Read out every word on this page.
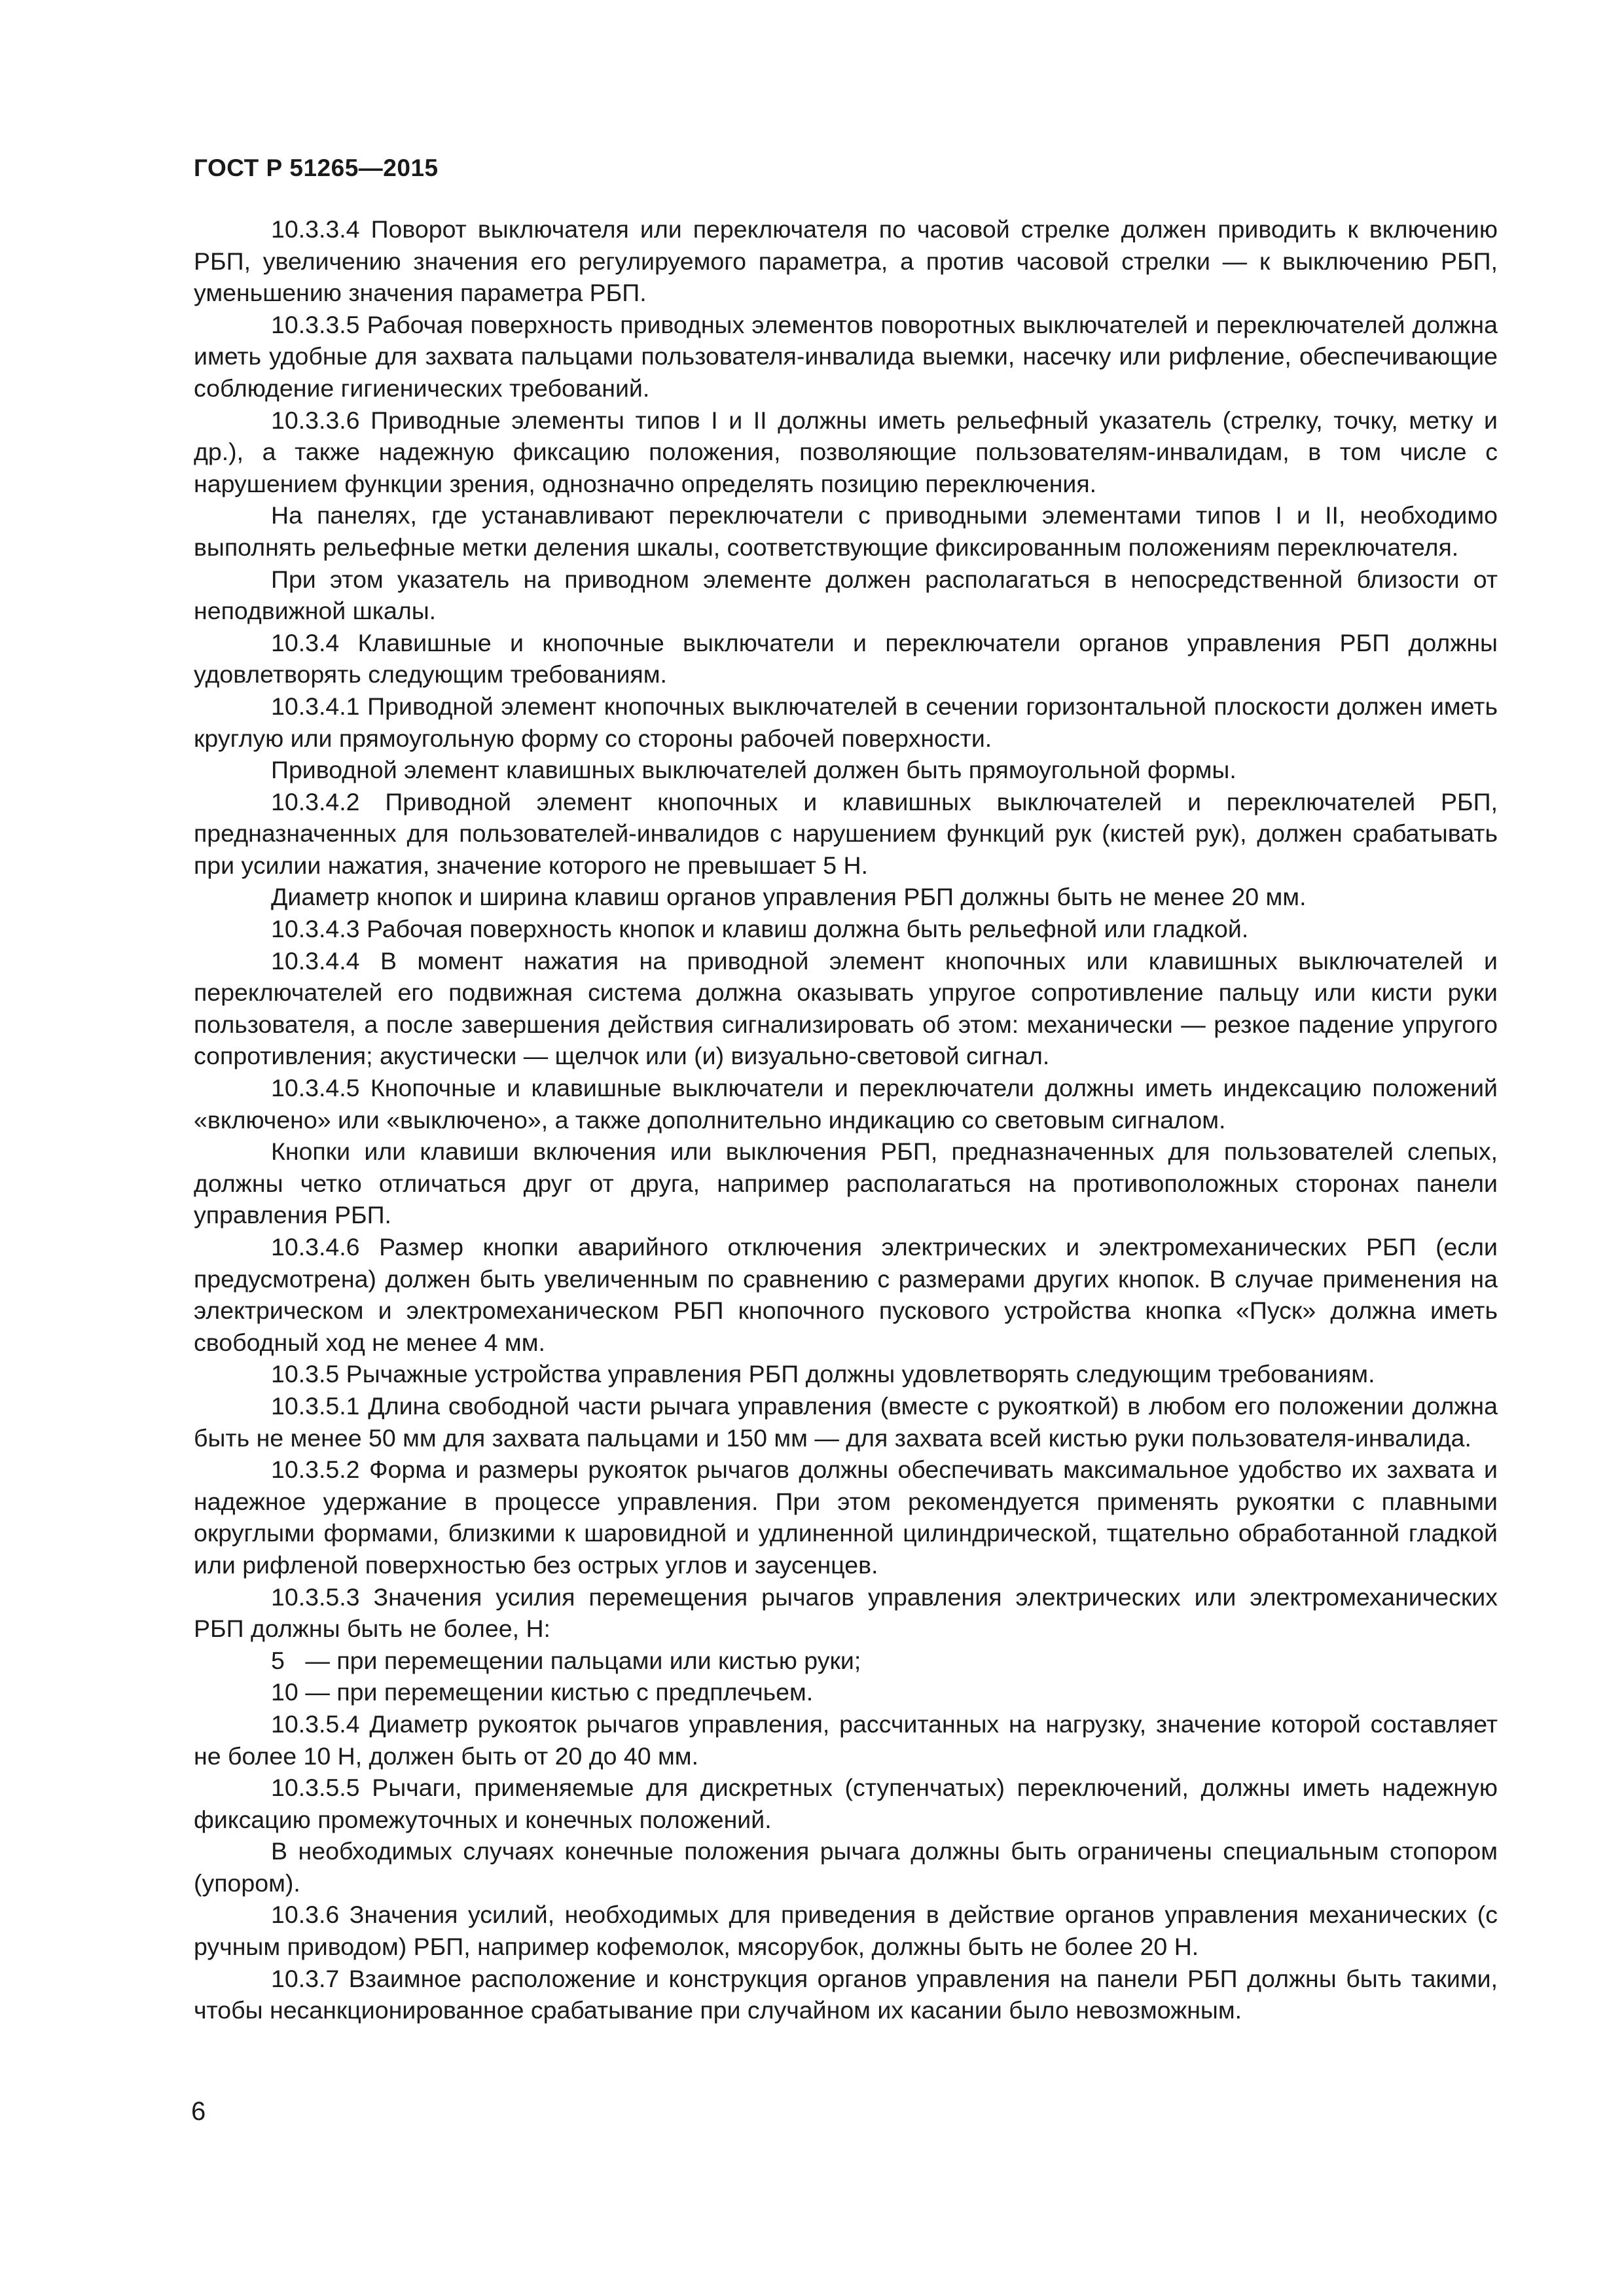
ГОСТ Р 51265—2015

10.3.3.4 Поворот выключателя или переключателя по часовой стрелке должен приводить к включению РБП, увеличению значения его регулируемого параметра, а против часовой стрелки — к выключению РБП, уменьшению значения параметра РБП.

10.3.3.5 Рабочая поверхность приводных элементов поворотных выключателей и переключателей должна иметь удобные для захвата пальцами пользователя-инвалида выемки, насечку или рифление, обеспечивающие соблюдение гигиенических требований.

10.3.3.6 Приводные элементы типов I и II должны иметь рельефный указатель (стрелку, точку, метку и др.), а также надежную фиксацию положения, позволяющие пользователям-инвалидам, в том числе с нарушением функции зрения, однозначно определять позицию переключения.

На панелях, где устанавливают переключатели с приводными элементами типов I и II, необходимо выполнять рельефные метки деления шкалы, соответствующие фиксированным положениям переключателя.

При этом указатель на приводном элементе должен располагаться в непосредственной близости от неподвижной шкалы.

10.3.4 Клавишные и кнопочные выключатели и переключатели органов управления РБП должны удовлетворять следующим требованиям.

10.3.4.1 Приводной элемент кнопочных выключателей в сечении горизонтальной плоскости должен иметь круглую или прямоугольную форму со стороны рабочей поверхности.

Приводной элемент клавишных выключателей должен быть прямоугольной формы.

10.3.4.2 Приводной элемент кнопочных и клавишных выключателей и переключателей РБП, предназначенных для пользователей-инвалидов с нарушением функций рук (кистей рук), должен срабатывать при усилии нажатия, значение которого не превышает 5 Н.

Диаметр кнопок и ширина клавиш органов управления РБП должны быть не менее 20 мм.

10.3.4.3 Рабочая поверхность кнопок и клавиш должна быть рельефной или гладкой.

10.3.4.4 В момент нажатия на приводной элемент кнопочных или клавишных выключателей и переключателей его подвижная система должна оказывать упругое сопротивление пальцу или кисти руки пользователя, а после завершения действия сигнализировать об этом: механически — резкое падение упругого сопротивления; акустически — щелчок или (и) визуально-световой сигнал.

10.3.4.5 Кнопочные и клавишные выключатели и переключатели должны иметь индексацию положений «включено» или «выключено», а также дополнительно индикацию со световым сигналом.

Кнопки или клавиши включения или выключения РБП, предназначенных для пользователей слепых, должны четко отличаться друг от друга, например располагаться на противоположных сторонах панели управления РБП.

10.3.4.6 Размер кнопки аварийного отключения электрических и электромеханических РБП (если предусмотрена) должен быть увеличенным по сравнению с размерами других кнопок. В случае применения на электрическом и электромеханическом РБП кнопочного пускового устройства кнопка «Пуск» должна иметь свободный ход не менее 4 мм.

10.3.5 Рычажные устройства управления РБП должны удовлетворять следующим требованиям.

10.3.5.1 Длина свободной части рычага управления (вместе с рукояткой) в любом его положении должна быть не менее 50 мм для захвата пальцами и 150 мм — для захвата всей кистью руки пользователя-инвалида.

10.3.5.2 Форма и размеры рукояток рычагов должны обеспечивать максимальное удобство их захвата и надежное удержание в процессе управления. При этом рекомендуется применять рукоятки с плавными округлыми формами, близкими к шаровидной и удлиненной цилиндрической, тщательно обработанной гладкой или рифленой поверхностью без острых углов и заусенцев.

10.3.5.3 Значения усилия перемещения рычагов управления электрических или электромеханических РБП должны быть не более, Н:

5 — при перемещении пальцами или кистью руки;

10 — при перемещении кистью с предплечьем.

10.3.5.4 Диаметр рукояток рычагов управления, рассчитанных на нагрузку, значение которой составляет не более 10 Н, должен быть от 20 до 40 мм.

10.3.5.5 Рычаги, применяемые для дискретных (ступенчатых) переключений, должны иметь надежную фиксацию промежуточных и конечных положений.

В необходимых случаях конечные положения рычага должны быть ограничены специальным стопором (упором).

10.3.6 Значения усилий, необходимых для приведения в действие органов управления механических (с ручным приводом) РБП, например кофемолок, мясорубок, должны быть не более 20 Н.

10.3.7 Взаимное расположение и конструкция органов управления на панели РБП должны быть такими, чтобы несанкционированное срабатывание при случайном их касании было невозможным.

6
